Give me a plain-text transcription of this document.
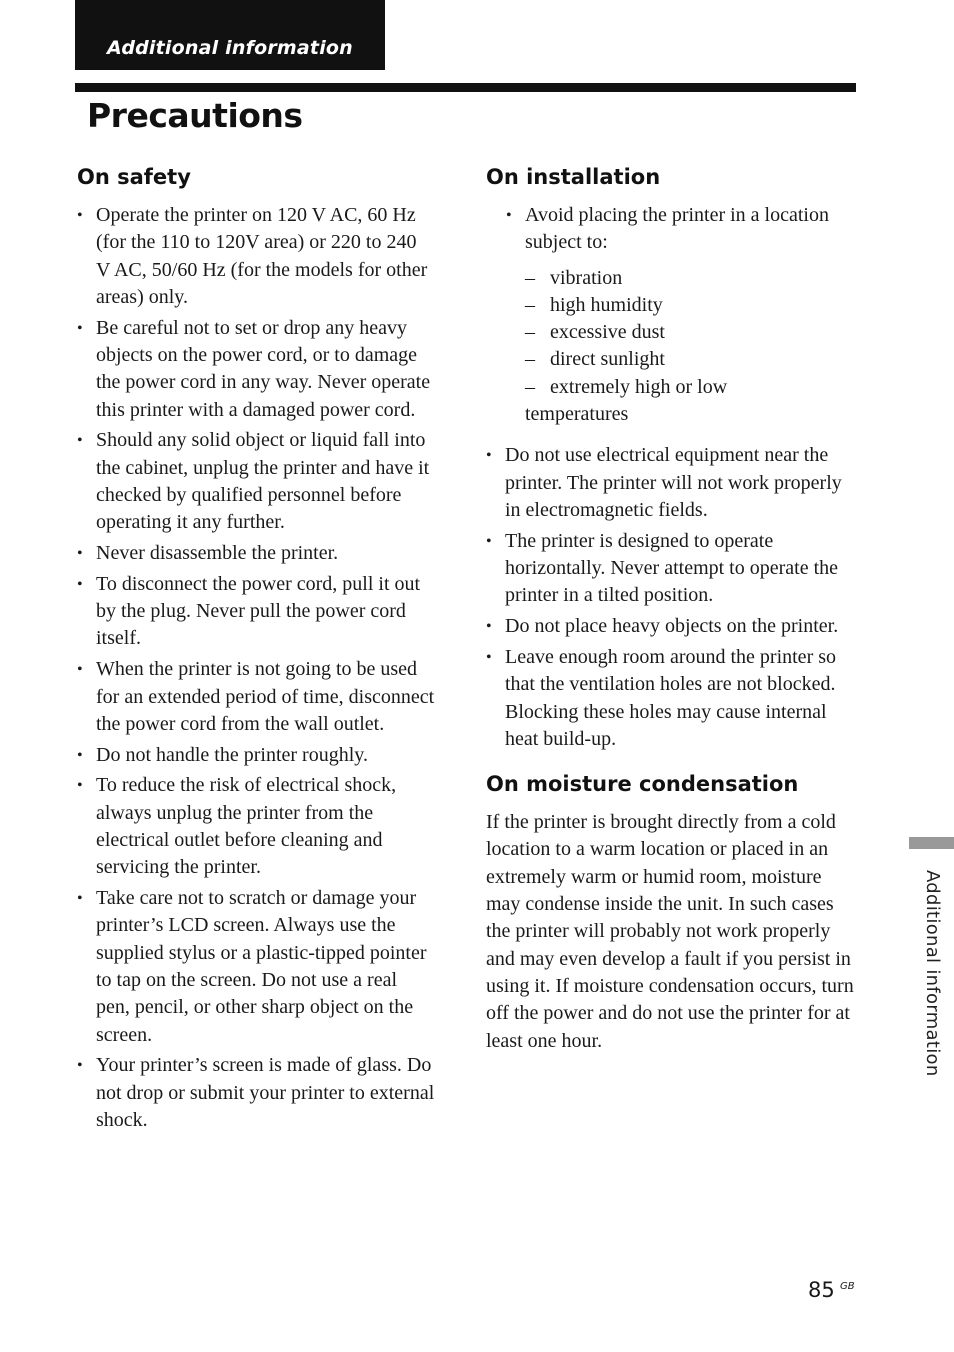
Additional information
Precautions
On safety
• Operate the printer on 120 V AC, 60 Hz (for the 110 to 120V area) or 220 to 240 V AC, 50/60 Hz (for the models for other areas) only.
• Be careful not to set or drop any heavy objects on the power cord, or to damage the power cord in any way. Never operate this printer with a damaged power cord.
• Should any solid object or liquid fall into the cabinet, unplug the printer and have it checked by qualified personnel before operating it any further.
• Never disassemble the printer.
• To disconnect the power cord, pull it out by the plug. Never pull the power cord itself.
• When the printer is not going to be used for an extended period of time, disconnect the power cord from the wall outlet.
• Do not handle the printer roughly.
• To reduce the risk of electrical shock, always unplug the printer from the electrical outlet before cleaning and servicing the printer.
• Take care not to scratch or damage your printer’s LCD screen. Always use the supplied stylus or a plastic-tipped pointer to tap on the screen. Do not use a real pen, pencil, or other sharp object on the screen.
• Your printer’s screen is made of glass. Do not drop or submit your printer to external shock.
On installation
• Avoid placing the printer in a location subject to:
– vibration
– high humidity
– excessive dust
– direct sunlight
– extremely high or low
temperatures
• Do not use electrical equipment near the printer. The printer will not work properly in electromagnetic fields.
• The printer is designed to operate horizontally. Never attempt to operate the printer in a tilted position.
• Do not place heavy objects on the printer.
• Leave enough room around the printer so that the ventilation holes are not blocked. Blocking these holes may cause internal heat build-up.
On moisture condensation

If the printer is brought directly from a cold location to a warm location or placed in an extremely warm or humid room, moisture may condense inside the unit. In such cases the printer will probably not work properly and may even develop a fault if you persist in using it. If moisture condensation occurs, turn off the power and do not use the printer for at least one hour.	Additional information
85 GB
